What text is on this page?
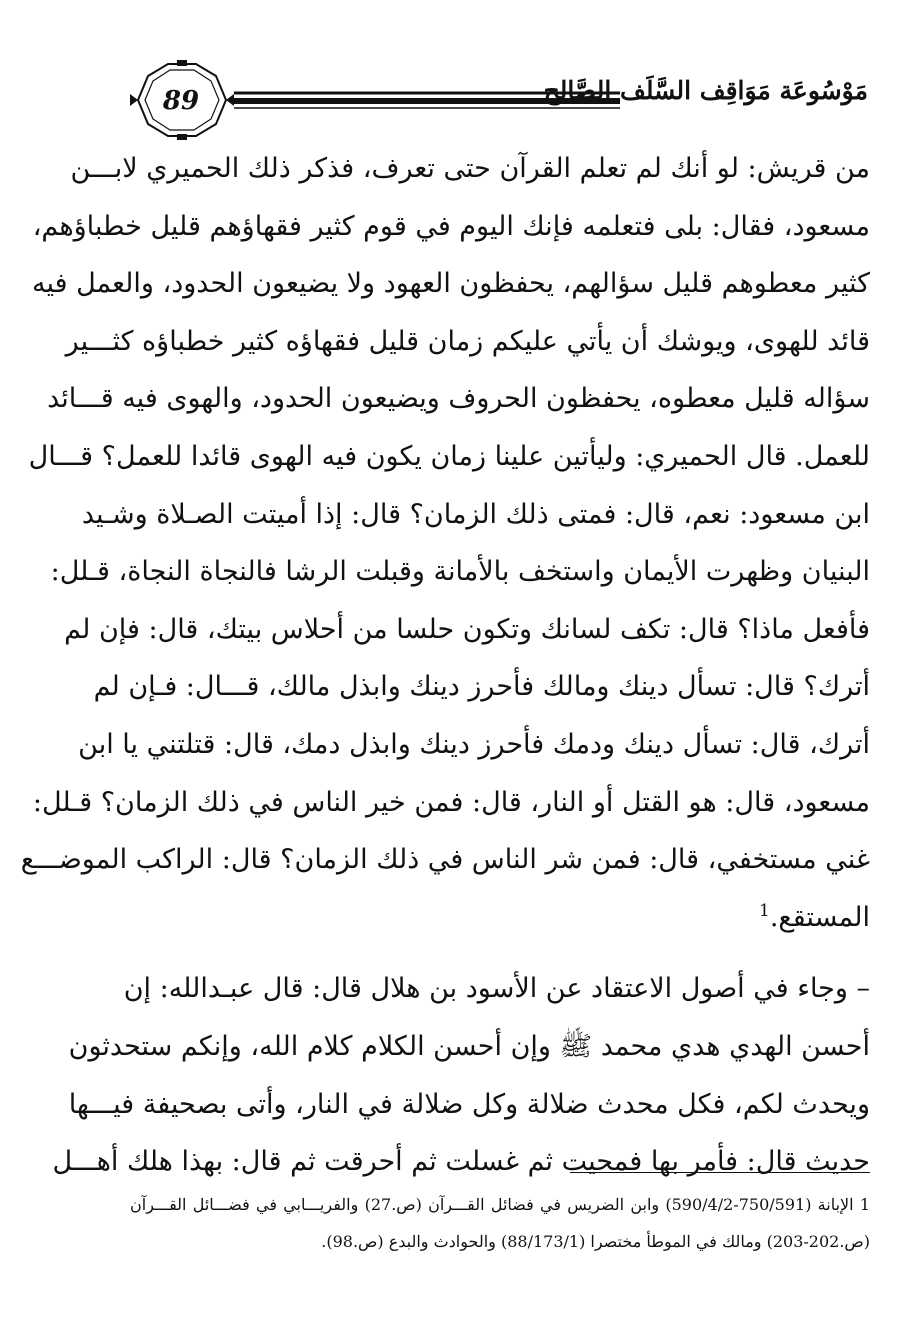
89	مَوْسُوعَة مَوَاقِف السَّلَف الصَّالِح
من قريش: لو أنك لم تعلم القرآن حتى تعرف، فذكر ذلك الحميري لابـــن
مسعود، فقال: بلى فتعلمه فإنك اليوم في قوم كثير فقهاؤهم قليل خطباؤهم،
كثير معطوهم قليل سؤالهم، يحفظون العهود ولا يضيعون الحدود، والعمل فيه
قائد للهوى، ويوشك أن يأتي عليكم زمان قليل فقهاؤه كثير خطباؤه كثـــير
سؤاله قليل معطوه، يحفظون الحروف ويضيعون الحدود، والهوى فيه قـــائد
للعمل. قال الحميري: وليأتين علينا زمان يكون فيه الهوى قائدا للعمل؟ قـــال
ابن مسعود: نعم، قال: فمتى ذلك الزمان؟ قال: إذا أميتت الصـلاة وشـيد
البنيان وظهرت الأيمان واستخف بالأمانة وقبلت الرشا فالنجاة النجاة، قـلل:
فأفعل ماذا؟ قال: تكف لسانك وتكون حلسا من أحلاس بيتك، قال: فإن لم
أترك؟ قال: تسأل دينك ومالك فأحرز دينك وابذل مالك، قـــال: فـإن لم
أترك، قال: تسأل دينك ودمك فأحرز دينك وابذل دمك، قال: قتلتني يا ابن
مسعود، قال: هو القتل أو النار، قال: فمن خير الناس في ذلك الزمان؟ قـلل:
غني مستخفي، قال: فمن شر الناس في ذلك الزمان؟ قال: الراكب الموضـــع
المستقع.$^1$
– وجاء في أصول الاعتقاد عن الأسود بن هلال قال: قال عبـدالله: إن
أحسن الهدي هدي محمد ﷺ وإن أحسن الكلام كلام الله، وإنكم ستحدثون
ويحدث لكم، فكل محدث ضلالة وكل ضلالة في النار، وأتى بصحيفة فيـــها
حديث قال: فأمر بها فمحيت ثم غسلت ثم أحرقت ثم قال: بهذا هلك أهـــل
1 الإبانة (750/591-590/4/2) وابن الضريس في فضائل القـــرآن (ص.27) والفريـــابي في فضـــائل القـــرآن
(ص.202-203) ومالك في الموطأ مختصرا (88/173/1) والحوادث والبدع (ص.98).
